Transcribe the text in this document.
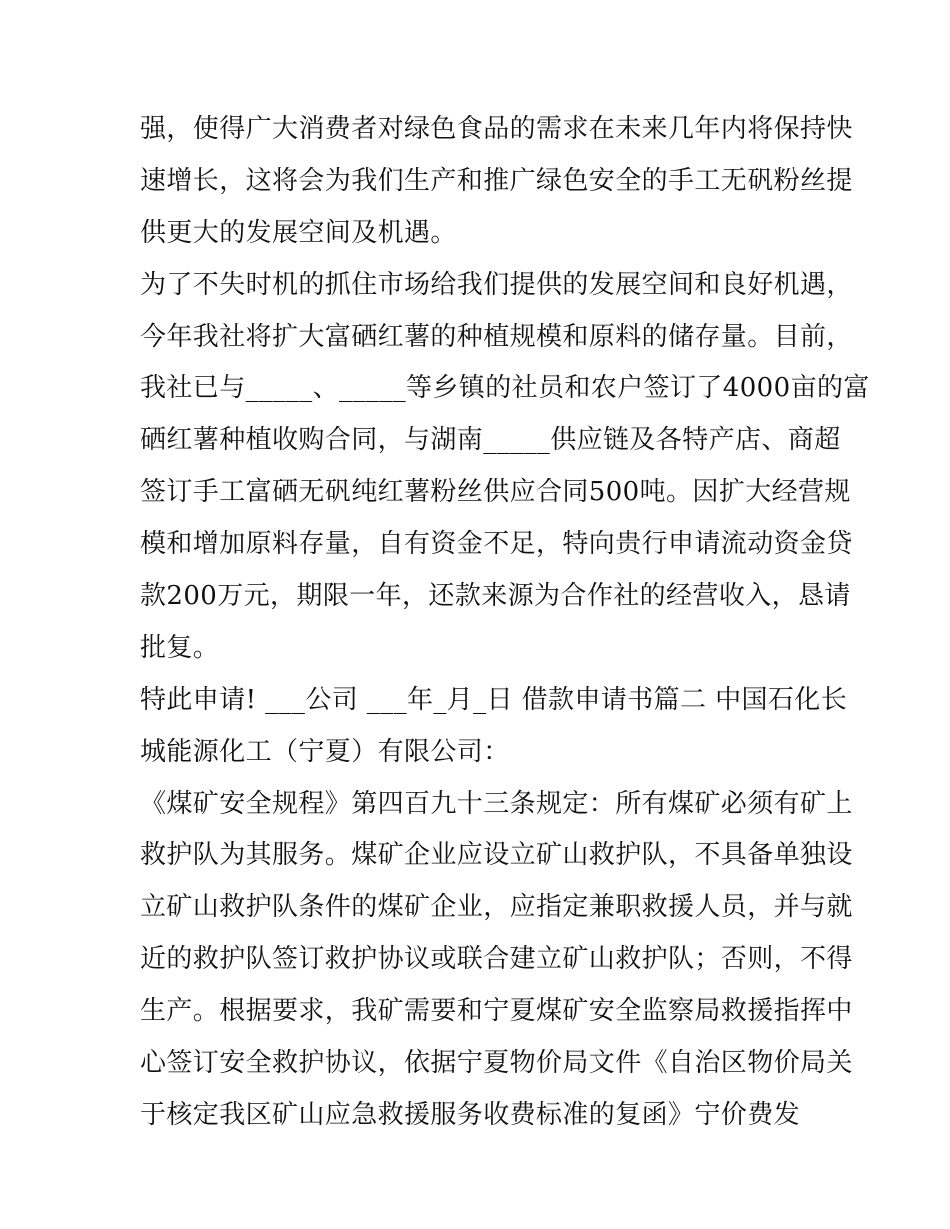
强，使得广大消费者对绿色食品的需求在未来几年内将保持快
速增长，这将会为我们生产和推广绿色安全的手工无矾粉丝提
供更大的发展空间及机遇。
为了不失时机的抓住市场给我们提供的发展空间和良好机遇，
今年我社将扩大富硒红薯的种植规模和原料的储存量。目前，
我社已与_____、_____等乡镇的社员和农户签订了4000亩的富
硒红薯种植收购合同，与湖南_____供应链及各特产店、商超
签订手工富硒无矾纯红薯粉丝供应合同500吨。因扩大经营规
模和增加原料存量，自有资金不足，特向贵行申请流动资金贷
款200万元，期限一年，还款来源为合作社的经营收入，恳请
批复。
特此申请! ___公司 ___年_月_日 借款申请书篇二 中国石化长
城能源化工（宁夏）有限公司：
《煤矿安全规程》第四百九十三条规定：所有煤矿必须有矿上
救护队为其服务。煤矿企业应设立矿山救护队，不具备单独设
立矿山救护队条件的煤矿企业，应指定兼职救援人员，并与就
近的救护队签订救护协议或联合建立矿山救护队；否则，不得
生产。根据要求，我矿需要和宁夏煤矿安全监察局救援指挥中
心签订安全救护协议，依据宁夏物价局文件《自治区物价局关
于核定我区矿山应急救援服务收费标准的复函》宁价费发
